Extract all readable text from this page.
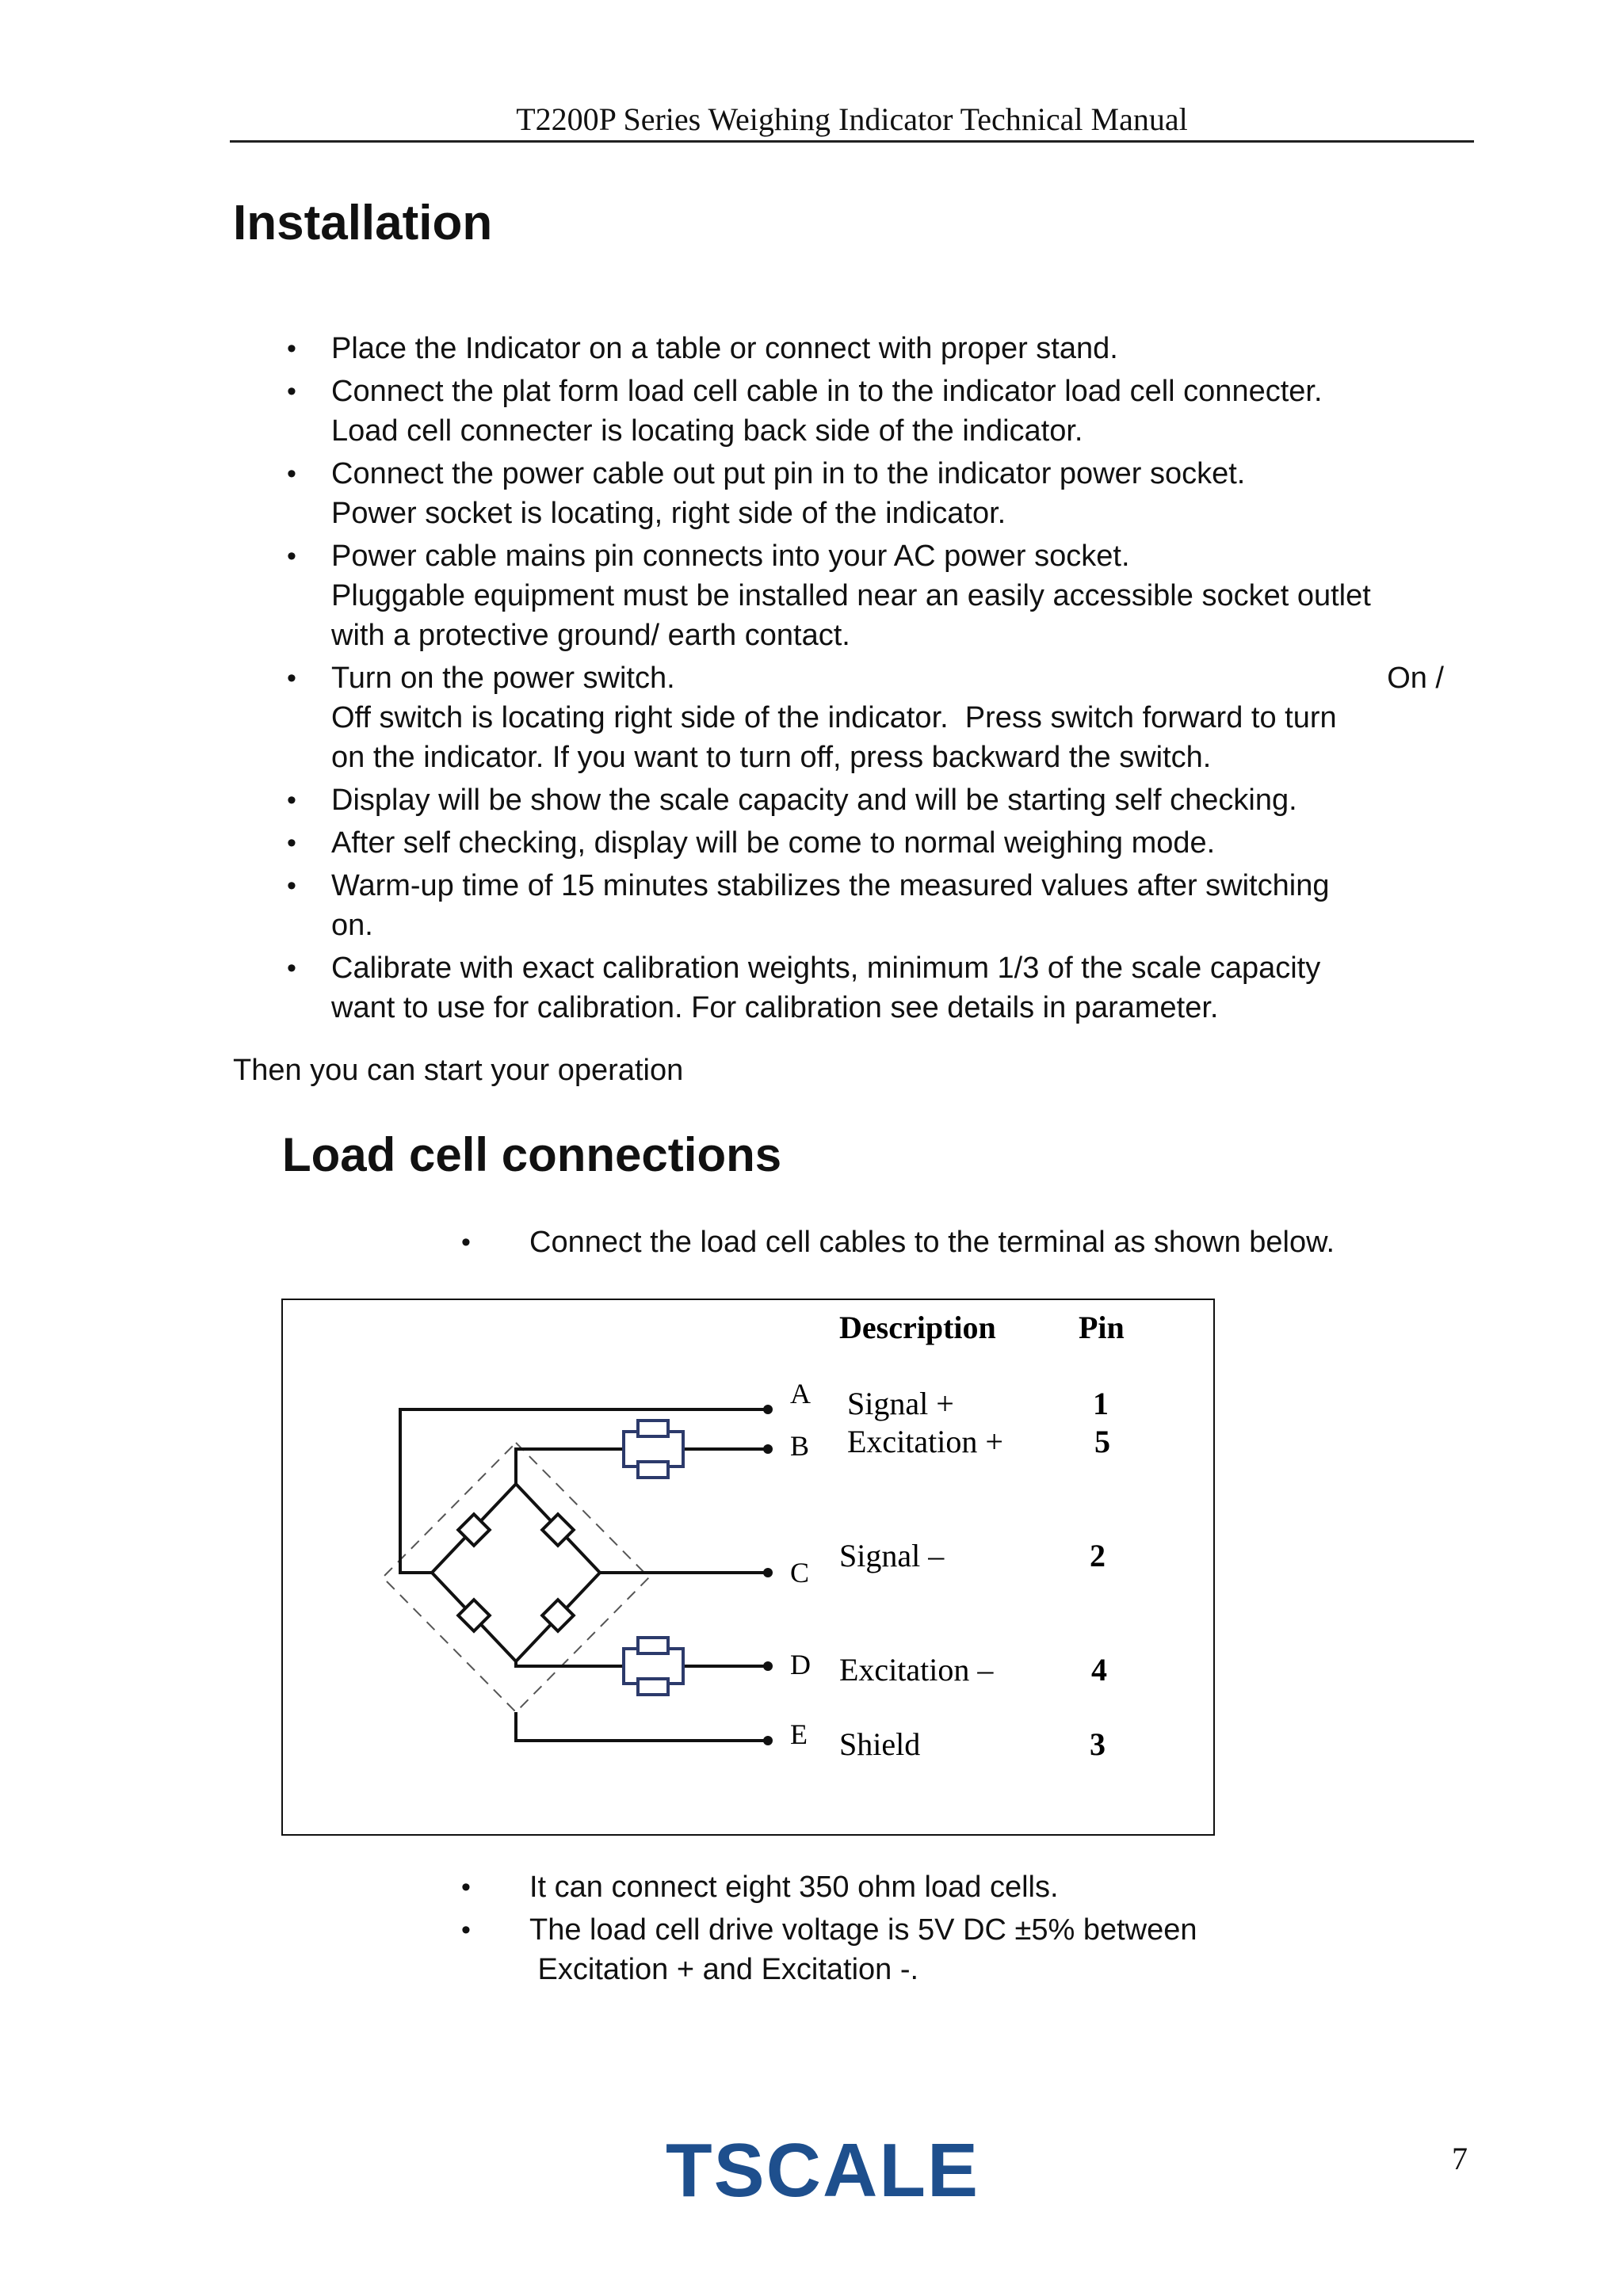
T2200P Series Weighing Indicator Technical Manual
Installation
• Place the Indicator on a table or connect with proper stand.
• Connect the plat form load cell cable in to the indicator load cell connecter.
Load cell connecter is locating back side of the indicator.
• Connect the power cable out put pin in to the indicator power socket.
Power socket is locating, right side of the indicator.
• Power cable mains pin connects into your AC power socket.
Pluggable equipment must be installed near an easily accessible socket outlet
with a protective ground/ earth contact.
• Turn on the power switch.	On /
Off switch is locating right side of the indicator.  Press switch forward to turn
on the indicator. If you want to turn off, press backward the switch.
• Display will be show the scale capacity and will be starting self checking.
• After self checking, display will be come to normal weighing mode.
• Warm-up time of 15 minutes stabilizes the measured values after switching
on.
• Calibrate with exact calibration weights, minimum 1/3 of the scale capacity
want to use for calibration. For calibration see details in parameter.
Then you can start your operation
Load cell connections
• Connect the load cell cables to the terminal as shown below.
A
B
C
D
E
Description	Pin
Signal +	1
Excitation +	5
Signal –	2
Excitation –	4
Shield	3
• It can connect eight 350 ohm load cells.
• The load cell drive voltage is 5V DC ±5% between
Excitation + and Excitation -.
TSCALE	7
